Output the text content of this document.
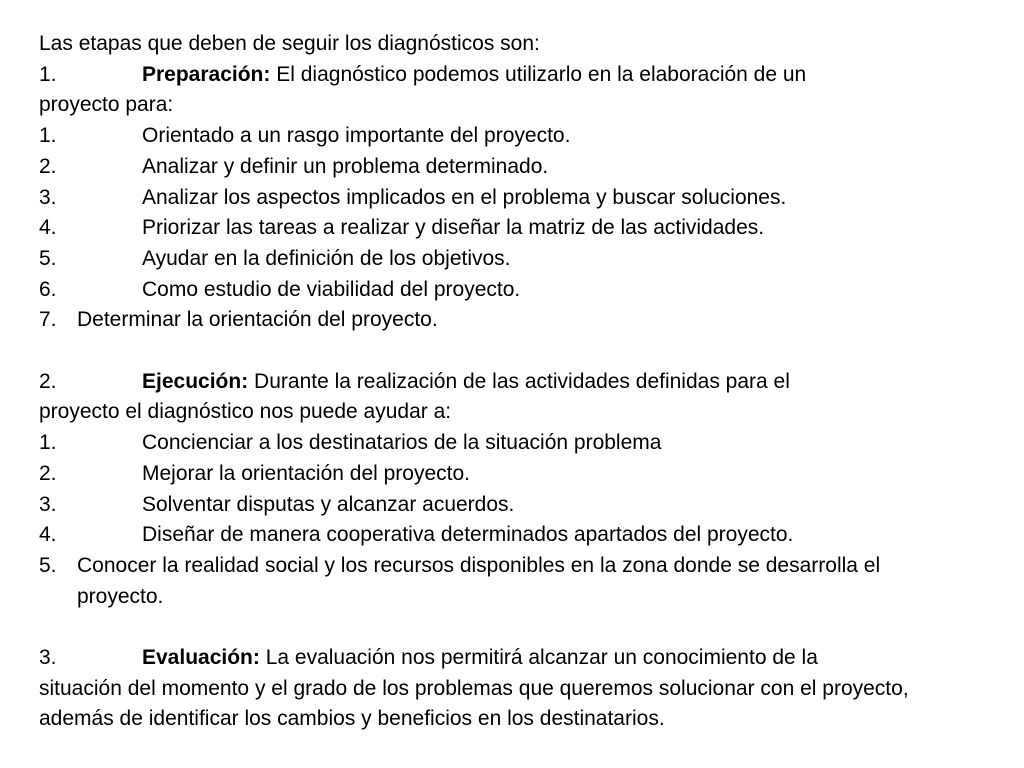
Las etapas que deben de seguir los diagnósticos son:

1.	Preparación: El diagnóstico podemos utilizarlo en la elaboración de un

proyecto para:

1.	Orientado a un rasgo importante del proyecto.
2.	Analizar y definir un problema determinado.
3.	Analizar los aspectos implicados en el problema y buscar soluciones.
4.	Priorizar las tareas a realizar y diseñar la matriz de las actividades.
5.	Ayudar en la definición de los objetivos.
6.	Como estudio de viabilidad del proyecto.
7. Determinar la orientación del proyecto.
2.	Ejecución: Durante la realización de las actividades definidas para el

proyecto el diagnóstico nos puede ayudar a:

1.	Concienciar a los destinatarios de la situación problema
2.	Mejorar la orientación del proyecto.
3.	Solventar disputas y alcanzar acuerdos.
4.	Diseñar de manera cooperativa determinados apartados del proyecto.
5. Conocer la realidad social y los recursos disponibles en la zona donde se desarrolla el proyecto.
3.	Evaluación: La evaluación nos permitirá alcanzar un conocimiento de la

situación del momento y el grado de los problemas que queremos solucionar con el proyecto, además de identificar los cambios y beneficios en los destinatarios.
